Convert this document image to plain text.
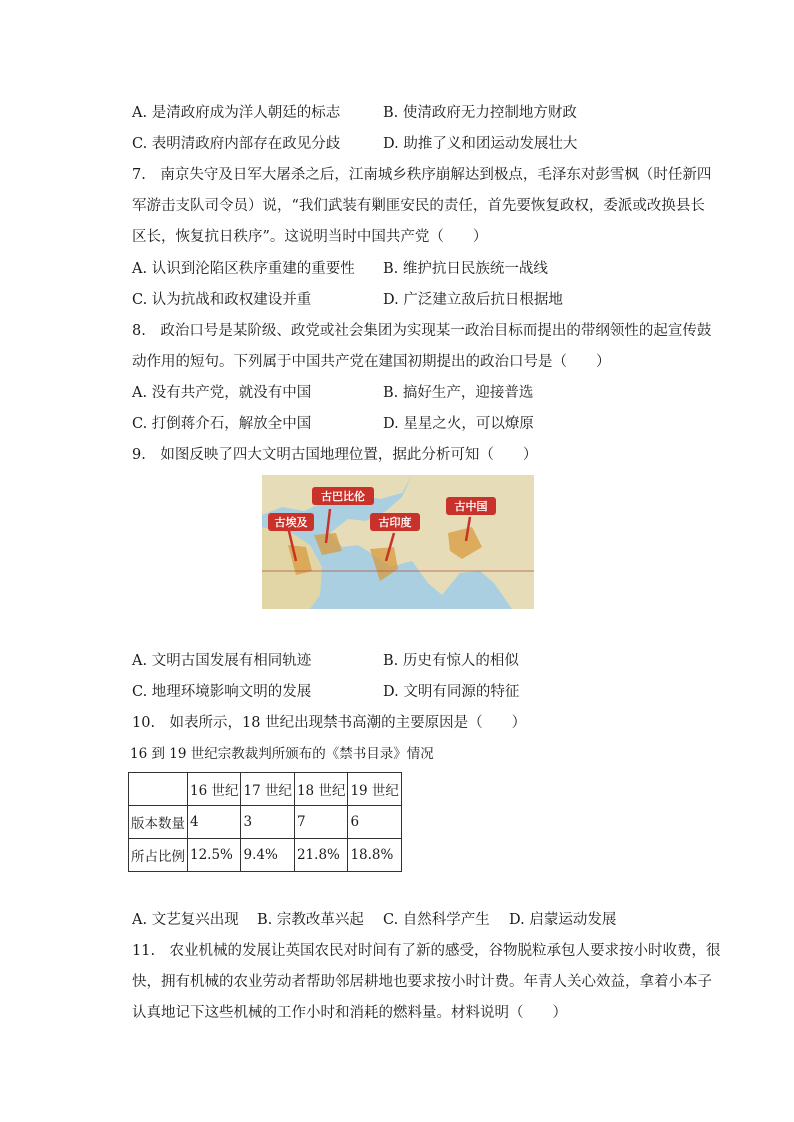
A. 是清政府成为洋人朝廷的标志	B. 使清政府无力控制地方财政
C. 表明清政府内部存在政见分歧	D. 助推了义和团运动发展壮大
7.　南京失守及日军大屠杀之后，江南城乡秩序崩解达到极点，毛泽东对彭雪枫（时任新四
军游击支队司令员）说，“我们武装有剿匪安民的责任，首先要恢复政权，委派或改换县长
区长，恢复抗日秩序”。这说明当时中国共产党（　　）
A. 认识到沦陷区秩序重建的重要性 B. 维护抗日民族统一战线
C. 认为抗战和政权建设并重	D. 广泛建立敌后抗日根据地
8.　政治口号是某阶级、政党或社会集团为实现某一政治目标而提出的带纲领性的起宣传鼓
动作用的短句。下列属于中国共产党在建国初期提出的政治口号是（　　）
A. 没有共产党，就没有中国	B. 搞好生产，迎接普选
C. 打倒蒋介石，解放全中国	D. 星星之火，可以燎原
9.　如图反映了四大文明古国地理位置，据此分析可知（　　）
古埃及
古巴比伦
古印度
古中国
A. 文明古国发展有相同轨迹	B. 历史有惊人的相似
C. 地理环境影响文明的发展	D. 文明有同源的特征
10.　如表所示，18 世纪出现禁书高潮的主要原因是（　　）
16 到 19 世纪宗教裁判所颁布的《禁书目录》情况
	16 世纪	17 世纪	18 世纪	19 世纪
版本数量	4	3	7	6
所占比例	12.5%	9.4%	21.8%	18.8%
A. 文艺复兴出现 B. 宗教改革兴起 C. 自然科学产生 D. 启蒙运动发展
11.　农业机械的发展让英国农民对时间有了新的感受，谷物脱粒承包人要求按小时收费，很
快，拥有机械的农业劳动者帮助邻居耕地也要求按小时计费。年青人关心效益，拿着小本子
认真地记下这些机械的工作小时和消耗的燃料量。材料说明（　　）
